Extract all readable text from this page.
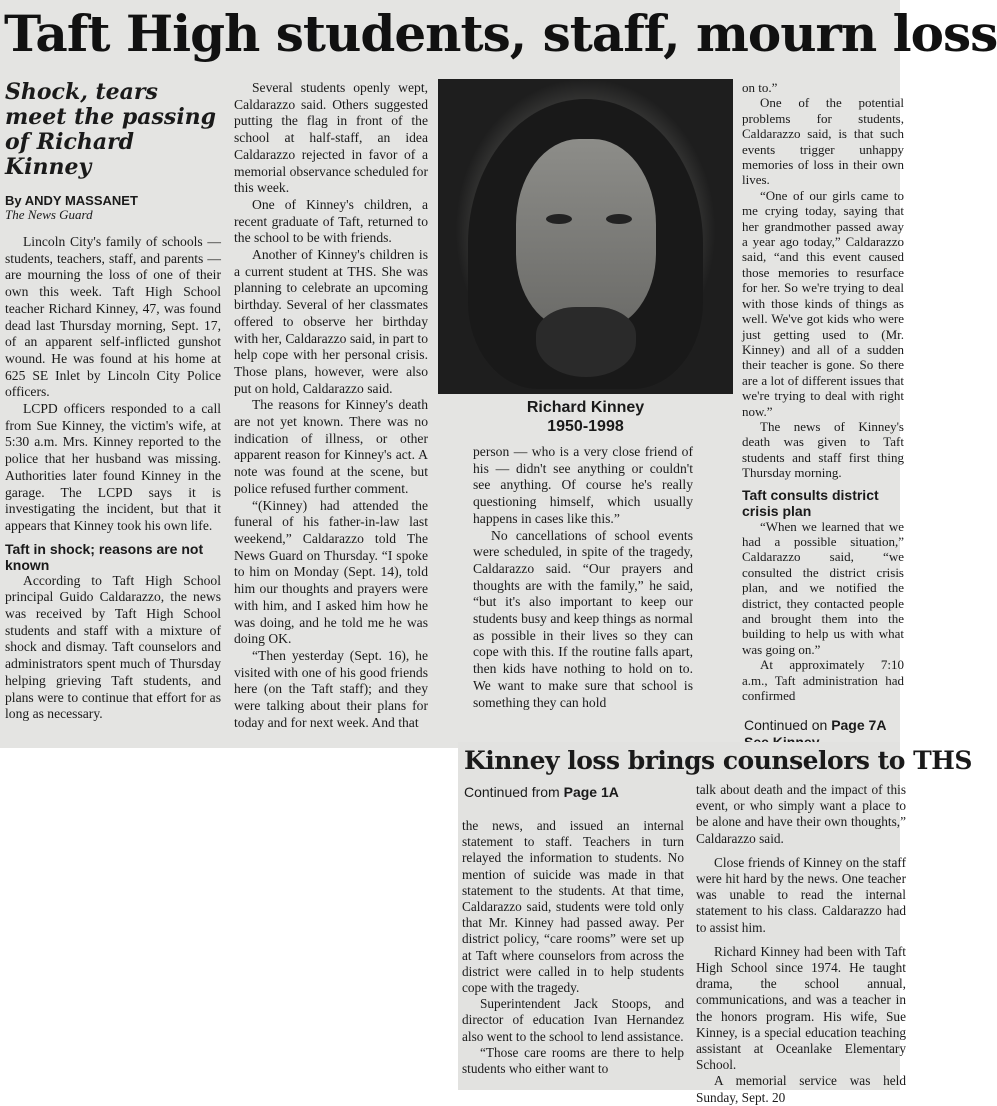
Taft High students, staff, mourn loss
Shock, tears meet the passing of Richard Kinney
By ANDY MASSANET
The News Guard

Lincoln City's family of schools — students, teachers, staff, and parents — are mourning the loss of one of their own this week. Taft High School teacher Richard Kinney, 47, was found dead last Thursday morning, Sept. 17, of an apparent self-inflicted gunshot wound. He was found at his home at 625 SE Inlet by Lincoln City Police officers.

LCPD officers responded to a call from Sue Kinney, the victim's wife, at 5:30 a.m. Mrs. Kinney reported to the police that her husband was missing. Authorities later found Kinney in the garage. The LCPD says it is investigating the incident, but that it appears that Kinney took his own life.

Taft in shock; reasons are not known

According to Taft High School principal Guido Caldarazzo, the news was received by Taft High School students and staff with a mixture of shock and dismay. Taft counselors and administrators spent much of Thursday helping grieving Taft students, and plans were to continue that effort for as long as necessary.

Several students openly wept, Caldarazzo said. Others suggested putting the flag in front of the school at half-staff, an idea Caldarazzo rejected in favor of a memorial observance scheduled for this week.

One of Kinney's children, a recent graduate of Taft, returned to the school to be with friends.

Another of Kinney's children is a current student at THS. She was planning to celebrate an upcoming birthday. Several of her classmates offered to observe her birthday with her, Caldarazzo said, in part to help cope with her personal crisis. Those plans, however, were also put on hold, Caldarazzo said.

The reasons for Kinney's death are not yet known. There was no indication of illness, or other apparent reason for Kinney's act. A note was found at the scene, but police refused further comment.

“(Kinney) had attended the funeral of his father-in-law last weekend,” Caldarazzo told The News Guard on Thursday. “I spoke to him on Monday (Sept. 14), told him our thoughts and prayers were with him, and I asked him how he was doing, and he told me he was doing OK.

“Then yesterday (Sept. 16), he visited with one of his good friends here (on the Taft staff); and they were talking about their plans for today and for next week. And that

Richard Kinney
1950-1998

person — who is a very close friend of his — didn't see anything or couldn't see anything. Of course he's really questioning himself, which usually happens in cases like this.”

No cancellations of school events were scheduled, in spite of the tragedy, Caldarazzo said. “Our prayers and thoughts are with the family,” he said, “but it's also important to keep our students busy and keep things as normal as possible in their lives so they can cope with this. If the routine falls apart, then kids have nothing to hold on to. We want to make sure that school is something they can hold

on to.”

One of the potential problems for students, Caldarazzo said, is that such events trigger unhappy memories of loss in their own lives.

“One of our girls came to me crying today, saying that her grandmother passed away a year ago today,” Caldarazzo said, “and this event caused those memories to resurface for her. So we're trying to deal with those kinds of things as well. We've got kids who were just getting used to (Mr. Kinney) and all of a sudden their teacher is gone. So there are a lot of different issues that we're trying to deal with right now.”

The news of Kinney's death was given to Taft students and staff first thing Thursday morning.

Taft consults district crisis plan

“When we learned that we had a possible situation,” Caldarazzo said, “we consulted the district crisis plan, and we notified the district, they contacted people and brought them into the building to help us with what was going on.”

At approximately 7:10 a.m., Taft administration had confirmed

Continued on Page 7A
Kinney loss brings counselors to THS
Continued from Page 1A

the news, and issued an internal statement to staff. Teachers in turn relayed the information to students. No mention of suicide was made in that statement to the students. At that time, Caldarazzo said, students were told only that Mr. Kinney had passed away. Per district policy, “care rooms” were set up at Taft where counselors from across the district were called in to help students cope with the tragedy.

Superintendent Jack Stoops, and director of education Ivan Hernandez also went to the school to lend assistance.

“Those care rooms are there to help students who either want to

talk about death and the impact of this event, or who simply want a place to be alone and have their own thoughts,” Caldarazzo said.

Close friends of Kinney on the staff were hit hard by the news. One teacher was unable to read the internal statement to his class. Caldarazzo had to assist him.

Richard Kinney had been with Taft High School since 1974. He taught drama, the school annual, communications, and was a teacher in the honors program. His wife, Sue Kinney, is a special education teaching assistant at Oceanlake Elementary School.

A memorial service was held Sunday, Sept. 20
